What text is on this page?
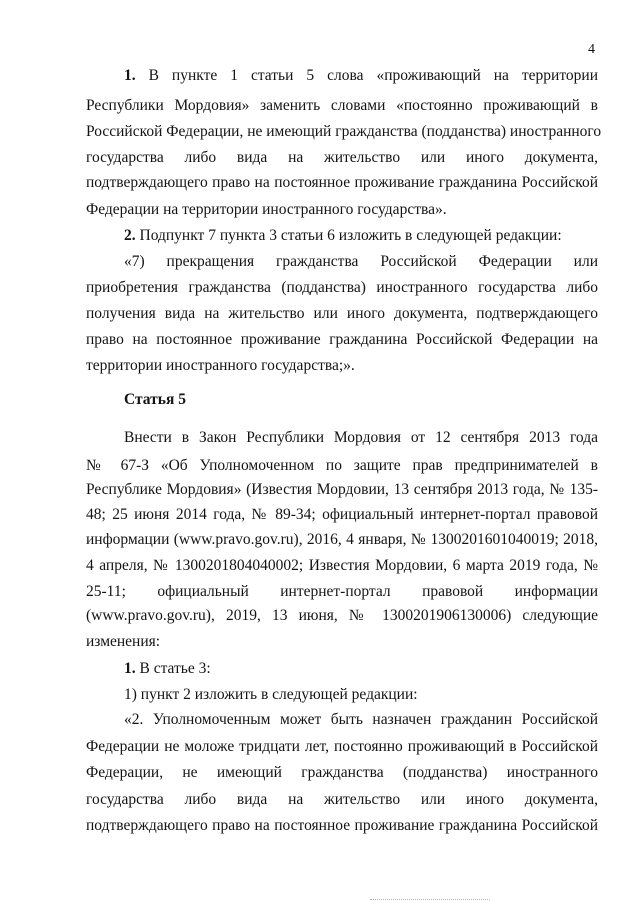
4

1. В пункте 1 статьи 5 слова «проживающий на территории

Республики Мордовия» заменить словами «постоянно проживающий в

Российской Федерации, не имеющий гражданства (подданства) иностранного

государства либо вида на жительство или иного документа,

подтверждающего право на постоянное проживание гражданина Российской

Федерации на территории иностранного государства».

2. Подпункт 7 пункта 3 статьи 6 изложить в следующей редакции:

«7) прекращения гражданства Российской Федерации или

приобретения гражданства (подданства) иностранного государства либо

получения вида на жительство или иного документа, подтверждающего

право на постоянное проживание гражданина Российской Федерации на

территории иностранного государства;».

Статья 5

Внести в Закон Республики Мордовия от 12 сентября 2013 года

№ 67-З «Об Уполномоченном по защите прав предпринимателей в

Республике Мордовия» (Известия Мордовии, 13 сентября 2013 года, № 135-

48; 25 июня 2014 года, № 89-34; официальный интернет-портал правовой

информации (www.pravo.gov.ru), 2016, 4 января, № 1300201601040019; 2018,

4 апреля, № 1300201804040002; Известия Мордовии, 6 марта 2019 года, №

25-11; официальный интернет-портал правовой информации

(www.pravo.gov.ru), 2019, 13 июня, № 1300201906130006) следующие

изменения:

1. В статье 3:

1) пункт 2 изложить в следующей редакции:

«2. Уполномоченным может быть назначен гражданин Российской

Федерации не моложе тридцати лет, постоянно проживающий в Российской

Федерации, не имеющий гражданства (подданства) иностранного

государства либо вида на жительство или иного документа,

подтверждающего право на постоянное проживание гражданина Российской
